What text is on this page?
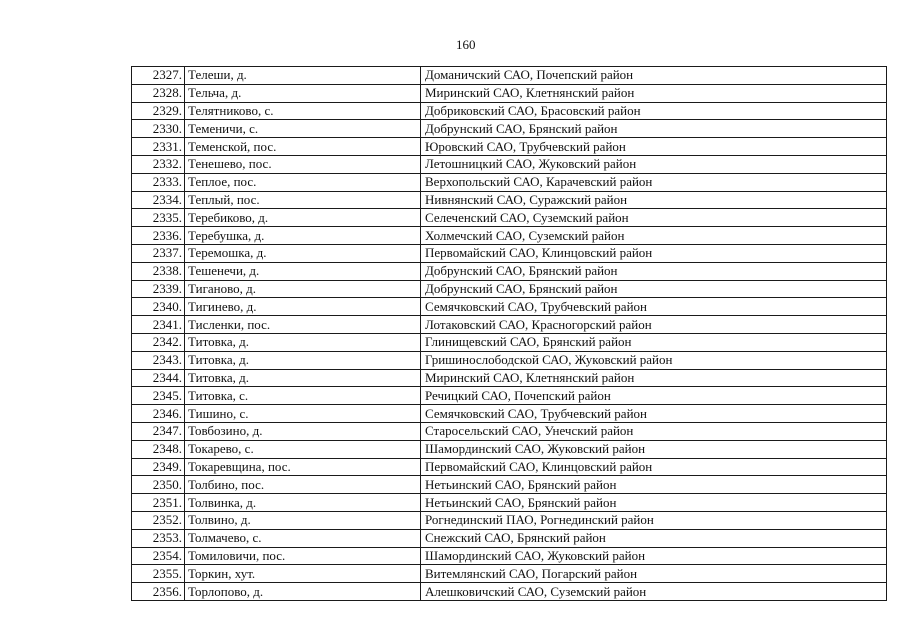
160
2327.	Телеши, д.	Доманичский САО, Почепский район
2328.	Тельча, д.	Миринский САО, Клетнянский район
2329.	Телятниково, с.	Добриковский САО, Брасовский район
2330.	Теменичи, с.	Добрунский САО, Брянский район
2331.	Теменской, пос.	Юровский САО, Трубчевский район
2332.	Тенешево, пос.	Летошницкий САО, Жуковский район
2333.	Теплое, пос.	Верхопольский САО, Карачевский район
2334.	Теплый, пос.	Нивнянский САО, Суражский район
2335.	Теребиково, д.	Селеченский САО, Суземский район
2336.	Теребушка, д.	Холмечский САО, Суземский район
2337.	Теремошка, д.	Первомайский САО, Клинцовский район
2338.	Тешенечи, д.	Добрунский САО, Брянский район
2339.	Тиганово, д.	Добрунский САО, Брянский район
2340.	Тигинево, д.	Семячковский САО, Трубчевский район
2341.	Тисленки, пос.	Лотаковский САО, Красногорский район
2342.	Титовка, д.	Глинищевский САО, Брянский район
2343.	Титовка, д.	Гришинослободской САО, Жуковский район
2344.	Титовка, д.	Миринский САО, Клетнянский район
2345.	Титовка, с.	Речицкий САО, Почепский район
2346.	Тишино, с.	Семячковский САО, Трубчевский район
2347.	Товбозино, д.	Старосельский САО, Унечский район
2348.	Токарево, с.	Шамординский САО, Жуковский район
2349.	Токаревщина, пос.	Первомайский САО, Клинцовский район
2350.	Толбино, пос.	Нетьинский САО, Брянский район
2351.	Толвинка, д.	Нетьинский САО, Брянский район
2352.	Толвино, д.	Рогнединский ПАО, Рогнединский район
2353.	Толмачево, с.	Снежский САО, Брянский район
2354.	Томиловичи, пос.	Шамординский САО, Жуковский район
2355.	Торкин, хут.	Витемлянский САО, Погарский район
2356.	Торлопово, д.	Алешковичский САО, Суземский район
